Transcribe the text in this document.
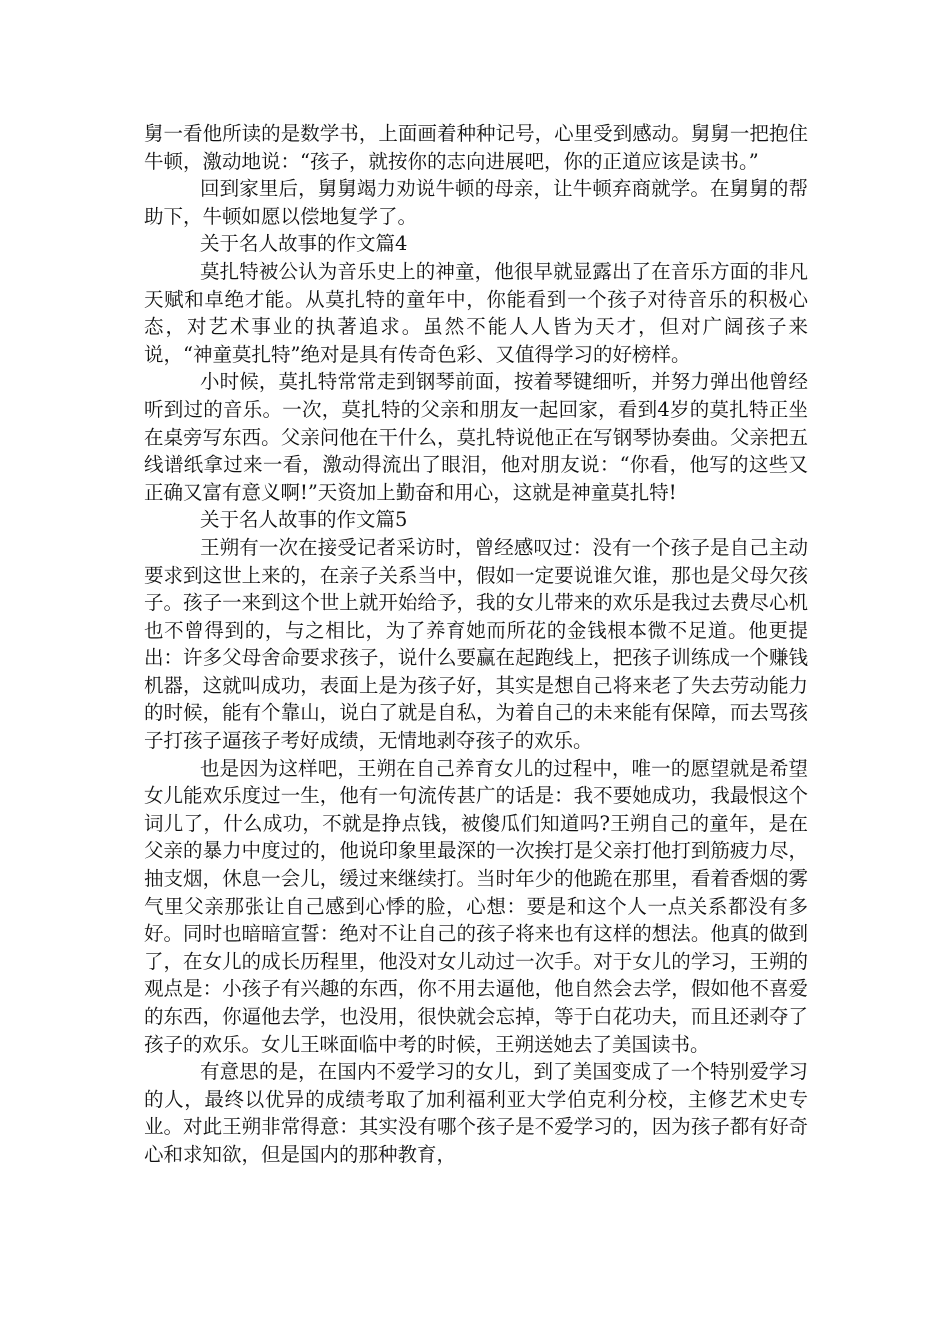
舅一看他所读的是数学书，上面画着种种记号，心里受到感动。舅舅一把抱住牛顿，激动地说：“孩子，就按你的志向进展吧，你的正道应该是读书。”

回到家里后，舅舅竭力劝说牛顿的母亲，让牛顿弃商就学。在舅舅的帮助下，牛顿如愿以偿地复学了。

关于名人故事的作文篇4

莫扎特被公认为音乐史上的神童，他很早就显露出了在音乐方面的非凡天赋和卓绝才能。从莫扎特的童年中，你能看到一个孩子对待音乐的积极心态，对艺术事业的执著追求。虽然不能人人皆为天才，但对广阔孩子来说，“神童莫扎特”绝对是具有传奇色彩、又值得学习的好榜样。

小时候，莫扎特常常走到钢琴前面，按着琴键细听，并努力弹出他曾经听到过的音乐。一次，莫扎特的父亲和朋友一起回家，看到4岁的莫扎特正坐在桌旁写东西。父亲问他在干什么，莫扎特说他正在写钢琴协奏曲。父亲把五线谱纸拿过来一看，激动得流出了眼泪，他对朋友说：“你看，他写的这些又正确又富有意义啊!”天资加上勤奋和用心，这就是神童莫扎特!

关于名人故事的作文篇5

王朔有一次在接受记者采访时，曾经感叹过：没有一个孩子是自己主动要求到这世上来的，在亲子关系当中，假如一定要说谁欠谁，那也是父母欠孩子。孩子一来到这个世上就开始给予，我的女儿带来的欢乐是我过去费尽心机也不曾得到的，与之相比，为了养育她而所花的金钱根本微不足道。他更提出：许多父母舍命要求孩子，说什么要赢在起跑线上，把孩子训练成一个赚钱机器，这就叫成功，表面上是为孩子好，其实是想自己将来老了失去劳动能力的时候，能有个靠山，说白了就是自私，为着自己的未来能有保障，而去骂孩子打孩子逼孩子考好成绩，无情地剥夺孩子的欢乐。

也是因为这样吧，王朔在自己养育女儿的过程中，唯一的愿望就是希望女儿能欢乐度过一生，他有一句流传甚广的话是：我不要她成功，我最恨这个词儿了，什么成功，不就是挣点钱，被傻瓜们知道吗?王朔自己的童年，是在父亲的暴力中度过的，他说印象里最深的一次挨打是父亲打他打到筋疲力尽，抽支烟，休息一会儿，缓过来继续打。当时年少的他跪在那里，看着香烟的雾气里父亲那张让自己感到心悸的脸，心想：要是和这个人一点关系都没有多好。同时也暗暗宣誓：绝对不让自己的孩子将来也有这样的想法。他真的做到了，在女儿的成长历程里，他没对女儿动过一次手。对于女儿的学习，王朔的观点是：小孩子有兴趣的东西，你不用去逼他，他自然会去学，假如他不喜爱的东西，你逼他去学，也没用，很快就会忘掉，等于白花功夫，而且还剥夺了孩子的欢乐。女儿王咪面临中考的时候，王朔送她去了美国读书。

有意思的是，在国内不爱学习的女儿，到了美国变成了一个特别爱学习的人，最终以优异的成绩考取了加利福利亚大学伯克利分校，主修艺术史专业。对此王朔非常得意：其实没有哪个孩子是不爱学习的，因为孩子都有好奇心和求知欲，但是国内的那种教育，
